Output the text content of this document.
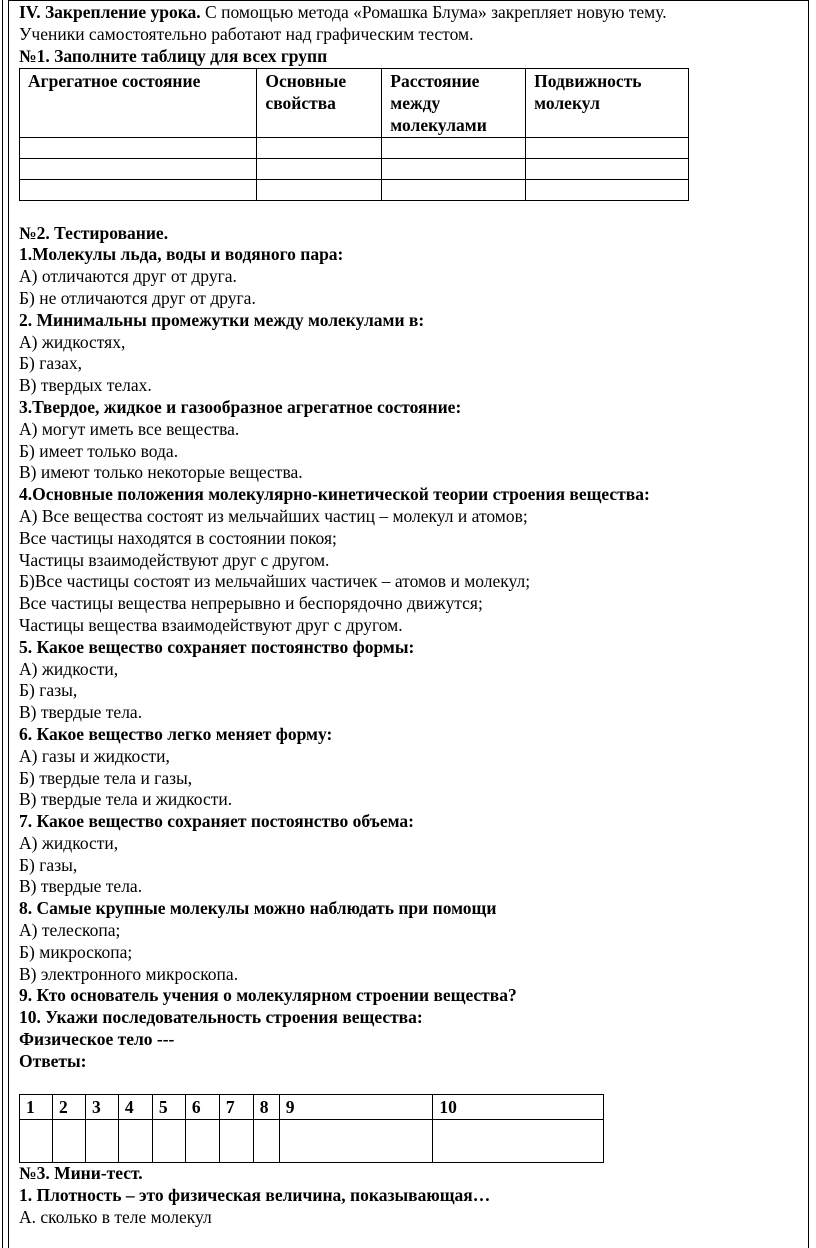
IV. Закрепление урока. С помощью метода «Ромашка Блума» закрепляет новую тему.
Ученики самостоятельно работают над графическим тестом.
№1. Заполните таблицу для всех групп
Агрегатное состояние	Основные свойства	Расстояние между молекулами	Подвижность молекул

№2. Тестирование.
1.Молекулы льда, воды и водяного пара:
А) отличаются друг от друга.
Б) не отличаются друг от друга.
2. Минимальны промежутки между молекулами в:
А) жидкостях,
Б) газах,
В) твердых телах.
3.Твердое, жидкое и газообразное агрегатное состояние:
А) могут иметь все вещества.
Б) имеет только вода.
В) имеют только некоторые вещества.
4.Основные положения молекулярно-кинетической теории строения вещества:
А) Все вещества состоят из мельчайших частиц – молекул и атомов;
Все частицы находятся в состоянии покоя;
Частицы взаимодействуют друг с другом.
Б)Все частицы состоят из мельчайших частичек – атомов и молекул;
Все частицы вещества непрерывно и беспорядочно движутся;
Частицы вещества взаимодействуют друг с другом.
5. Какое вещество сохраняет постоянство формы:
А) жидкости,
Б) газы,
В) твердые тела.
6. Какое вещество легко меняет форму:
А) газы и жидкости,
Б) твердые тела и газы,
В) твердые тела и жидкости.
7. Какое вещество сохраняет постоянство объема:
А) жидкости,
Б) газы,
В) твердые тела.
8. Самые крупные молекулы можно наблюдать при помощи
А) телескопа;
Б) микроскопа;
В) электронного микроскопа.
9. Кто основатель учения о молекулярном строении вещества?
10. Укажи последовательность строения вещества:
Физическое тело ---
Ответы:
1	2	3	4	5	6	7	8	9	10

№3. Мини-тест.
1. Плотность – это физическая величина, показывающая…
А. сколько в теле молекул
